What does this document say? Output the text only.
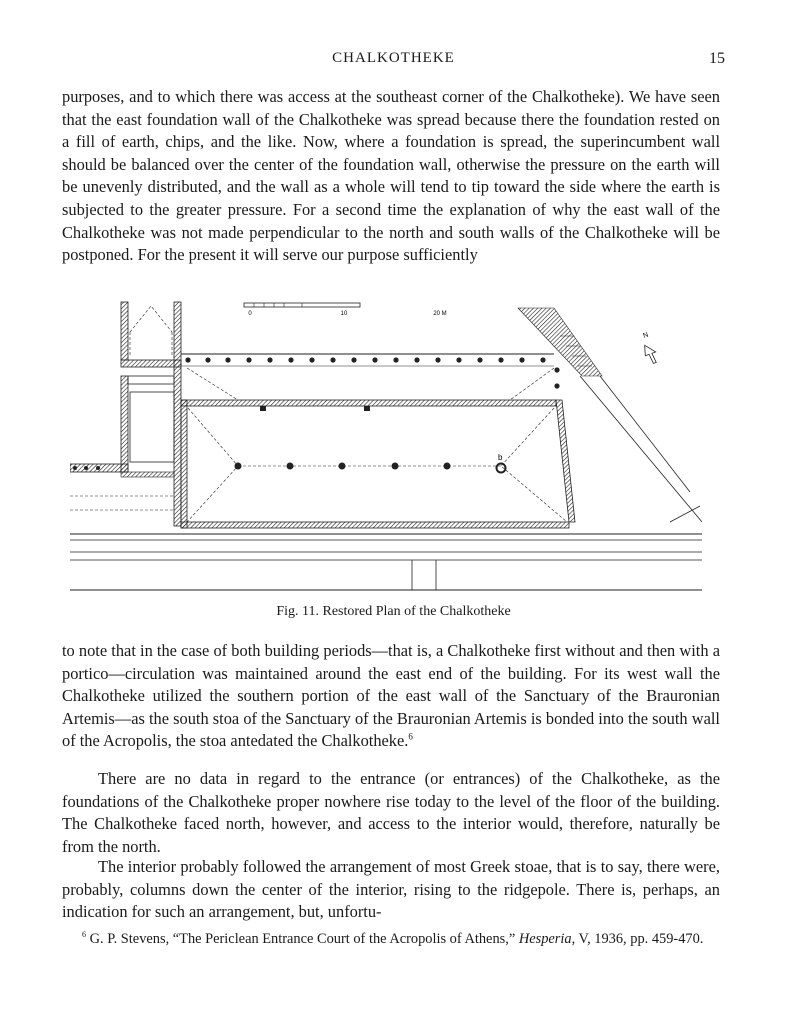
CHALKOTHEKE	15

purposes, and to which there was access at the southeast corner of the Chalkotheke). We have seen that the east foundation wall of the Chalkotheke was spread because there the foundation rested on a fill of earth, chips, and the like. Now, where a foundation is spread, the superincumbent wall should be balanced over the center of the foundation wall, otherwise the pressure on the earth will be unevenly distributed, and the wall as a whole will tend to tip toward the side where the earth is subjected to the greater pressure. For a second time the explanation of why the east wall of the Chalkotheke was not made perpendicular to the north and south walls of the Chalkotheke will be postponed. For the present it will serve our purpose sufficiently

0	10	20 M
N
b
Fig. 11. Restored Plan of the Chalkotheke

to note that in the case of both building periods—that is, a Chalkotheke first without and then with a portico—circulation was maintained around the east end of the building. For its west wall the Chalkotheke utilized the southern portion of the east wall of the Sanctuary of the Brauronian Artemis—as the south stoa of the Sanctuary of the Brauronian Artemis is bonded into the south wall of the Acropolis, the stoa antedated the Chalkotheke.$^6$

There are no data in regard to the entrance (or entrances) of the Chalkotheke, as the foundations of the Chalkotheke proper nowhere rise today to the level of the floor of the building. The Chalkotheke faced north, however, and access to the interior would, therefore, naturally be from the north.

The interior probably followed the arrangement of most Greek stoae, that is to say, there were, probably, columns down the center of the interior, rising to the ridgepole. There is, perhaps, an indication for such an arrangement, but, unfortu-

$^6$ G. P. Stevens, “The Periclean Entrance Court of the Acropolis of Athens,” Hesperia, V, 1936, pp. 459-470.
